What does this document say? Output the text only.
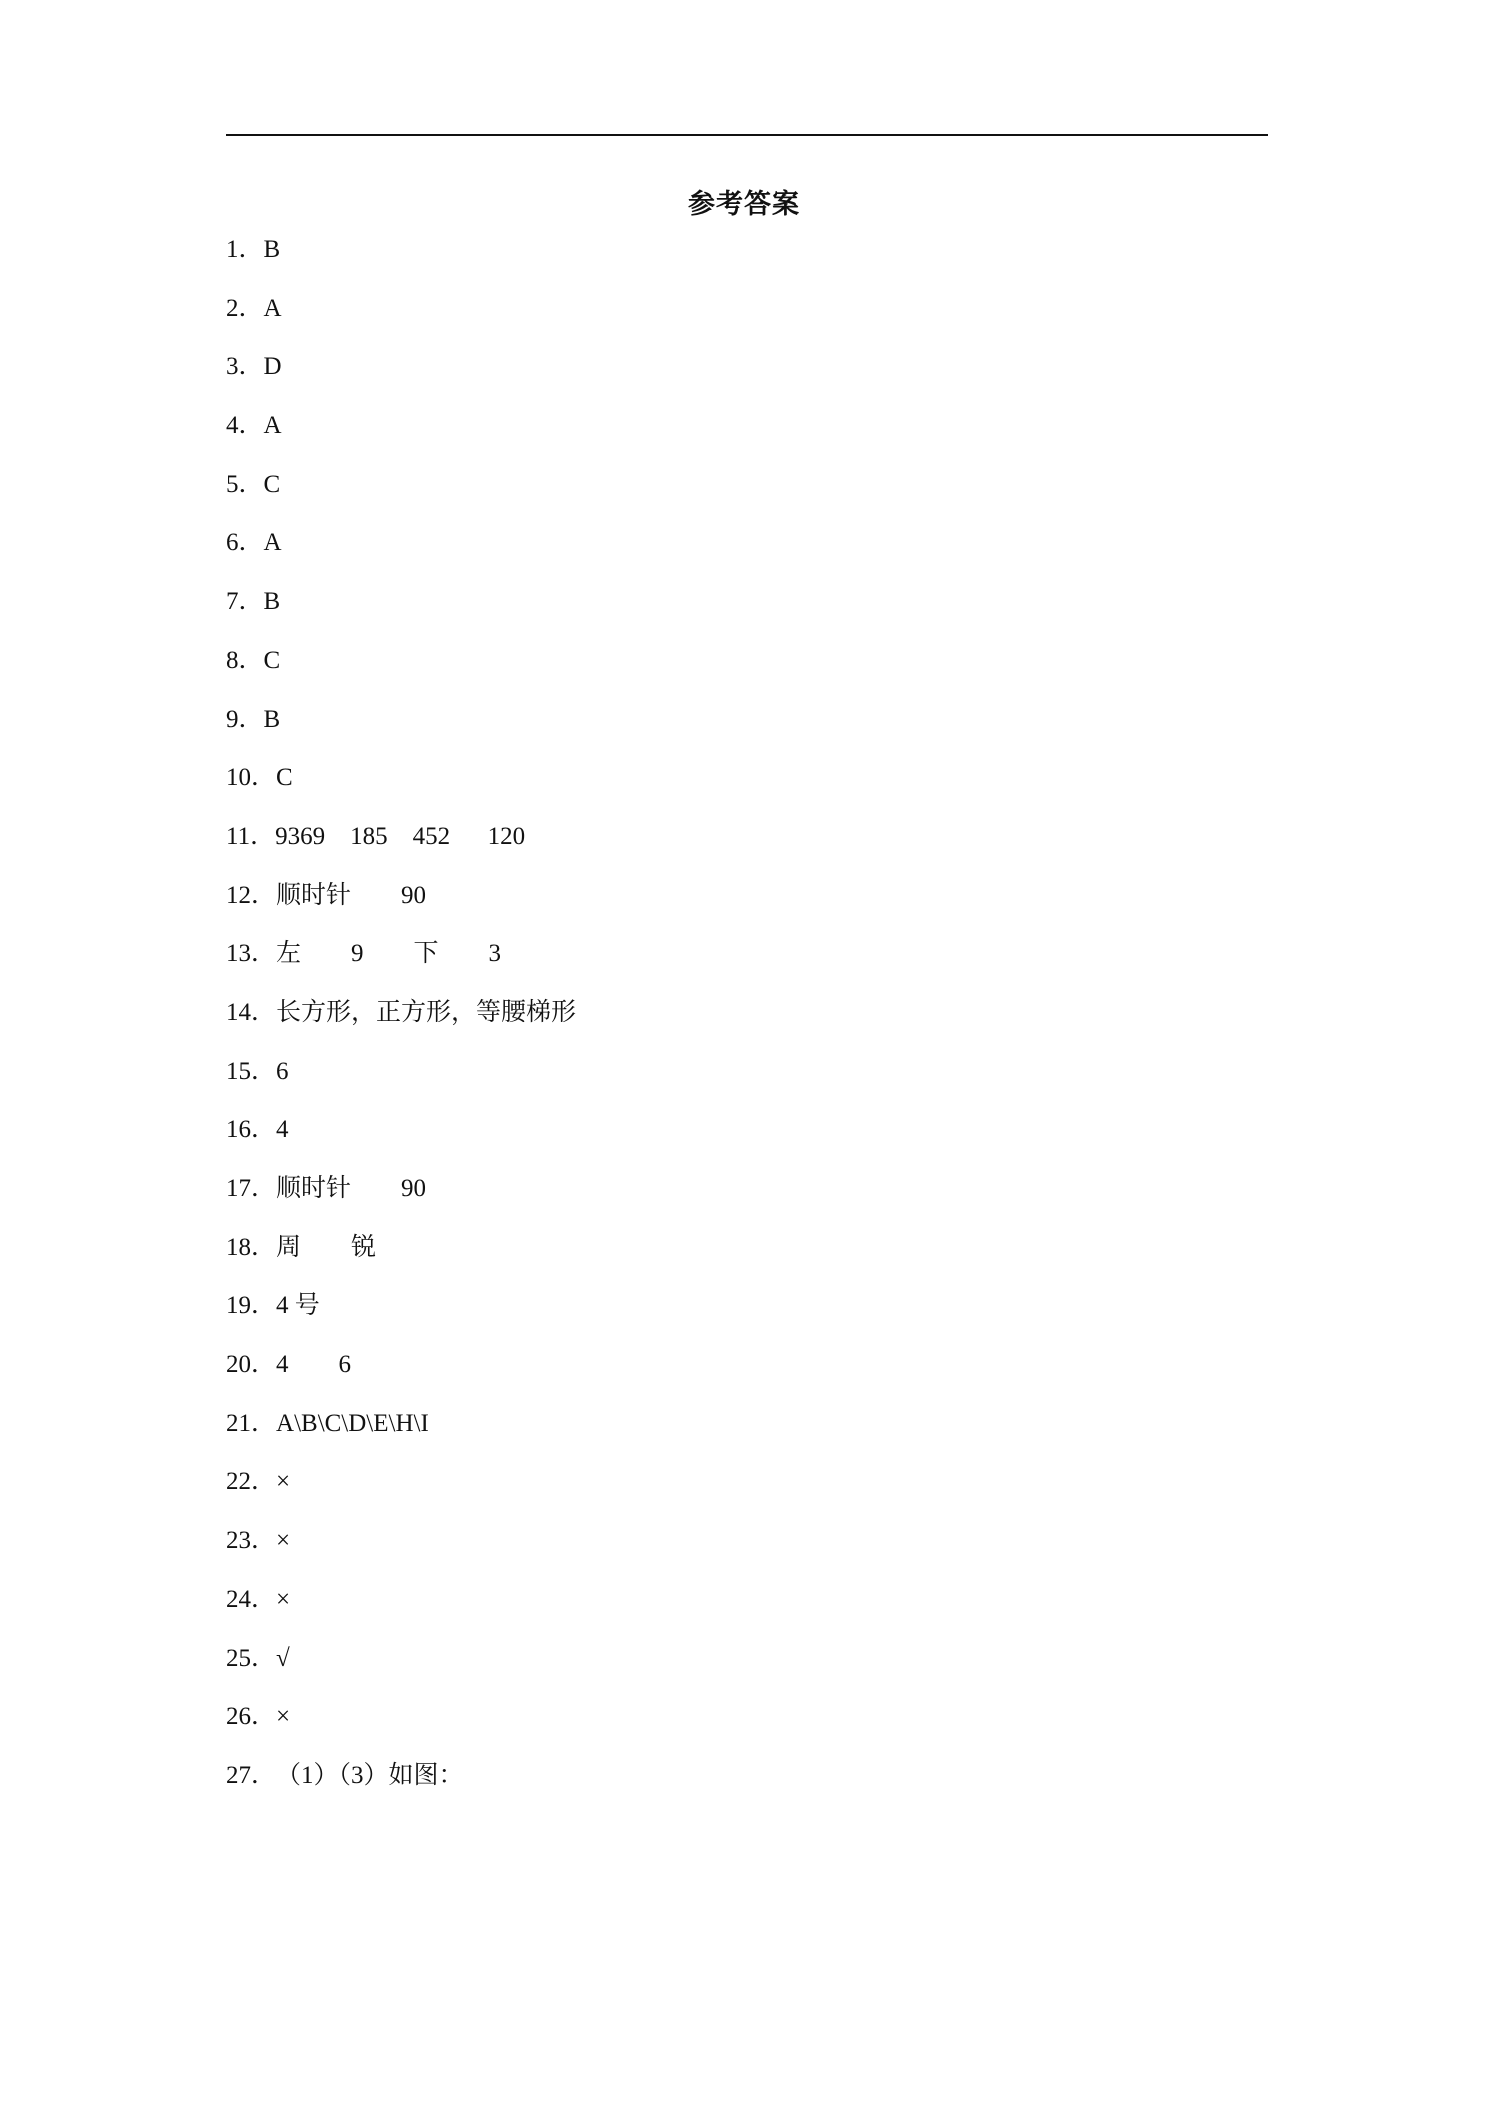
参考答案
1．B
2．A
3．D
4．A
5．C
6．A
7．B
8．C
9．B
10．C
11．9369    185    452      120
12．顺时针        90
13．左        9        下        3
14．长方形，正方形，等腰梯形
15．6
16．4
17．顺时针        90
18．周        锐
19．4 号
20．4        6
21．A\B\C\D\E\H\I
22．×
23．×
24．×
25．√
26．×
27．（1）（3）如图：
